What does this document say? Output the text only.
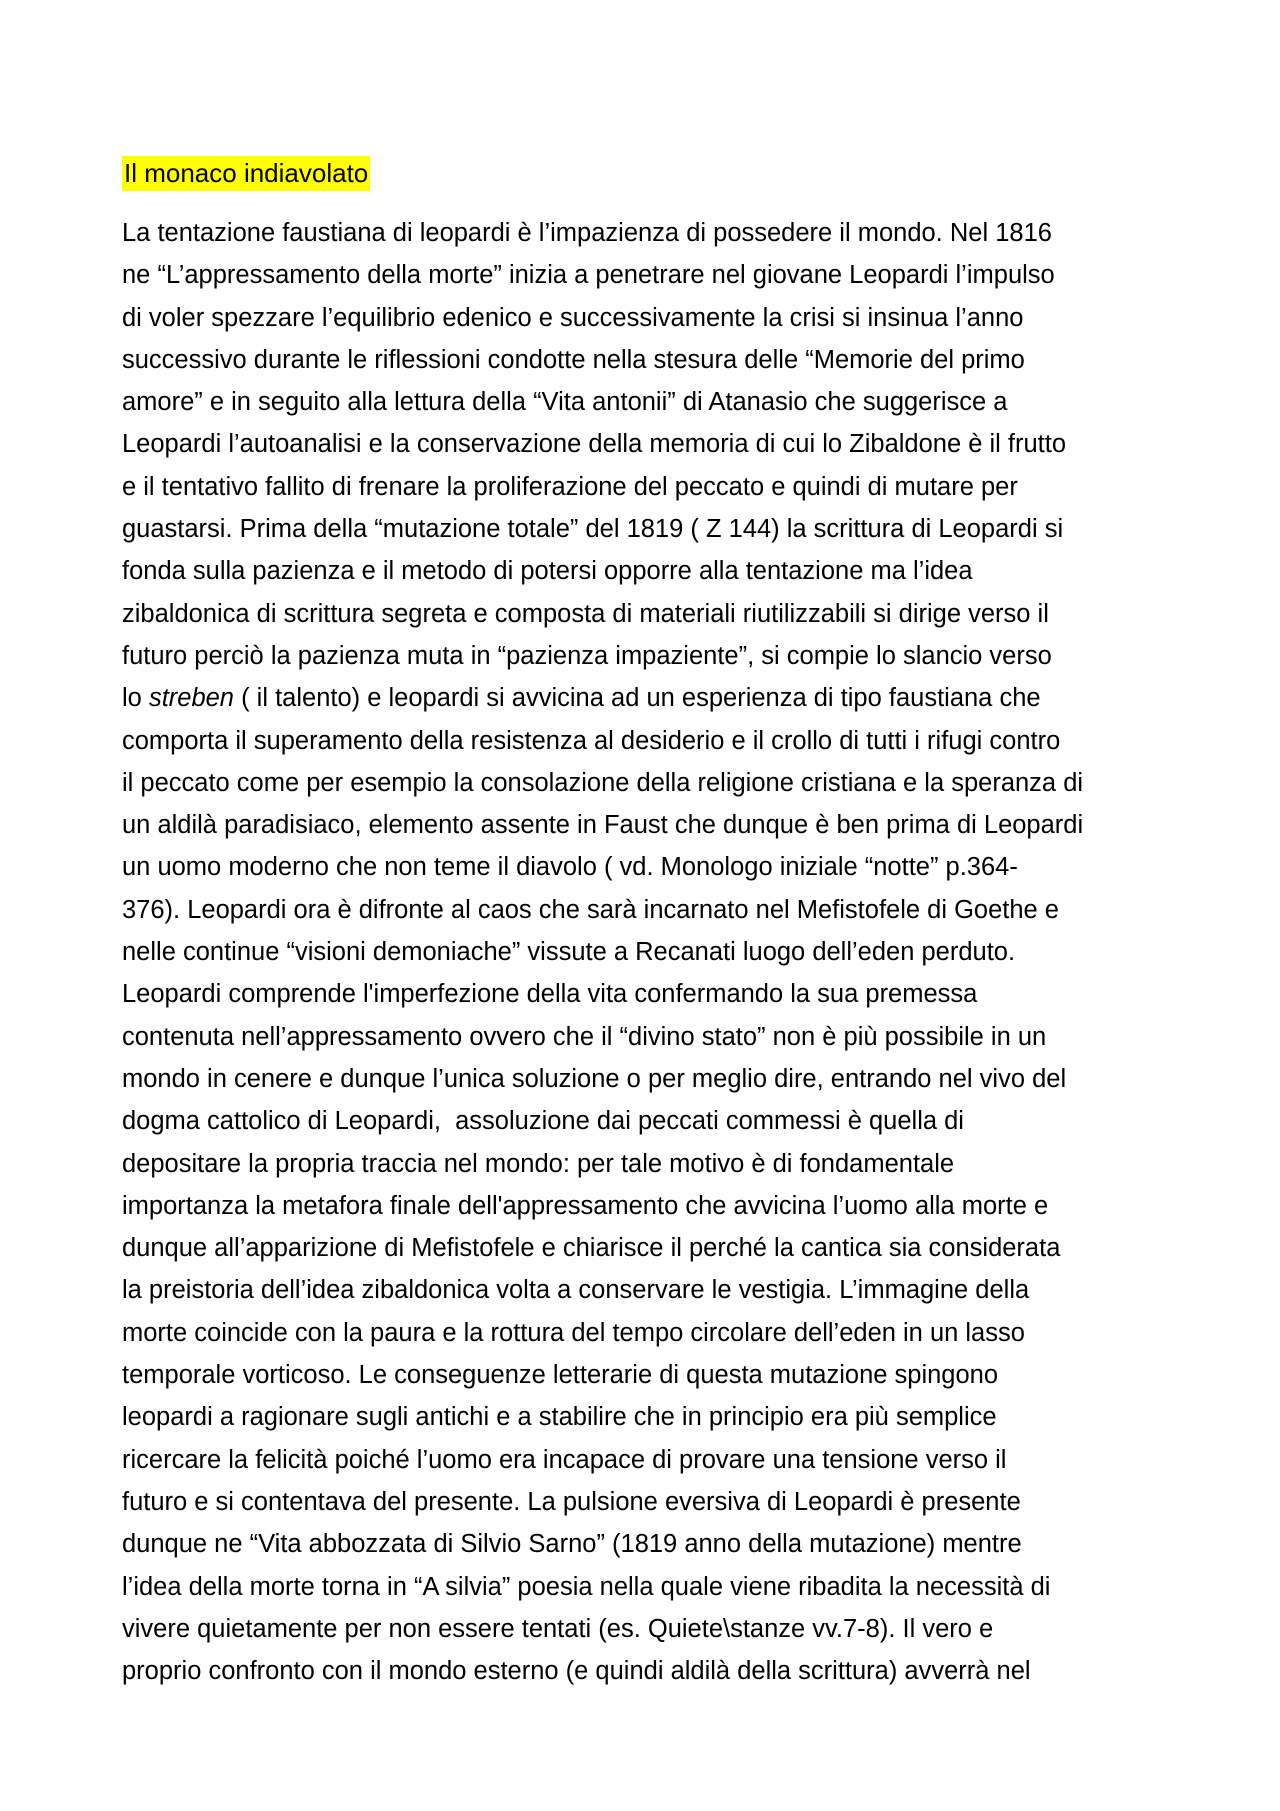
Il monaco indiavolato
La tentazione faustiana di leopardi è l’impazienza di possedere il mondo. Nel 1816
ne “L’appressamento della morte” inizia a penetrare nel giovane Leopardi l’impulso
di voler spezzare l’equilibrio edenico e successivamente la crisi si insinua l’anno
successivo durante le riflessioni condotte nella stesura delle “Memorie del primo
amore” e in seguito alla lettura della “Vita antonii” di Atanasio che suggerisce a
Leopardi l’autoanalisi e la conservazione della memoria di cui lo Zibaldone è il frutto
e il tentativo fallito di frenare la proliferazione del peccato e quindi di mutare per
guastarsi. Prima della “mutazione totale” del 1819 ( Z 144) la scrittura di Leopardi si
fonda sulla pazienza e il metodo di potersi opporre alla tentazione ma l’idea
zibaldonica di scrittura segreta e composta di materiali riutilizzabili si dirige verso il
futuro perciò la pazienza muta in “pazienza impaziente”, si compie lo slancio verso
lo streben ( il talento) e leopardi si avvicina ad un esperienza di tipo faustiana che
comporta il superamento della resistenza al desiderio e il crollo di tutti i rifugi contro
il peccato come per esempio la consolazione della religione cristiana e la speranza di
un aldilà paradisiaco, elemento assente in Faust che dunque è ben prima di Leopardi
un uomo moderno che non teme il diavolo ( vd. Monologo iniziale “notte” p.364-
376). Leopardi ora è difronte al caos che sarà incarnato nel Mefistofele di Goethe e
nelle continue “visioni demoniache” vissute a Recanati luogo dell’eden perduto.
Leopardi comprende l'imperfezione della vita confermando la sua premessa
contenuta nell’appressamento ovvero che il “divino stato” non è più possibile in un
mondo in cenere e dunque l’unica soluzione o per meglio dire, entrando nel vivo del
dogma cattolico di Leopardi,  assoluzione dai peccati commessi è quella di
depositare la propria traccia nel mondo: per tale motivo è di fondamentale
importanza la metafora finale dell'appressamento che avvicina l’uomo alla morte e
dunque all’apparizione di Mefistofele e chiarisce il perché la cantica sia considerata
la preistoria dell’idea zibaldonica volta a conservare le vestigia. L’immagine della
morte coincide con la paura e la rottura del tempo circolare dell’eden in un lasso
temporale vorticoso. Le conseguenze letterarie di questa mutazione spingono
leopardi a ragionare sugli antichi e a stabilire che in principio era più semplice
ricercare la felicità poiché l’uomo era incapace di provare una tensione verso il
futuro e si contentava del presente. La pulsione eversiva di Leopardi è presente
dunque ne “Vita abbozzata di Silvio Sarno” (1819 anno della mutazione) mentre
l’idea della morte torna in “A silvia” poesia nella quale viene ribadita la necessità di
vivere quietamente per non essere tentati (es. Quiete\stanze vv.7-8). Il vero e
proprio confronto con il mondo esterno (e quindi aldilà della scrittura) avverrà nel
